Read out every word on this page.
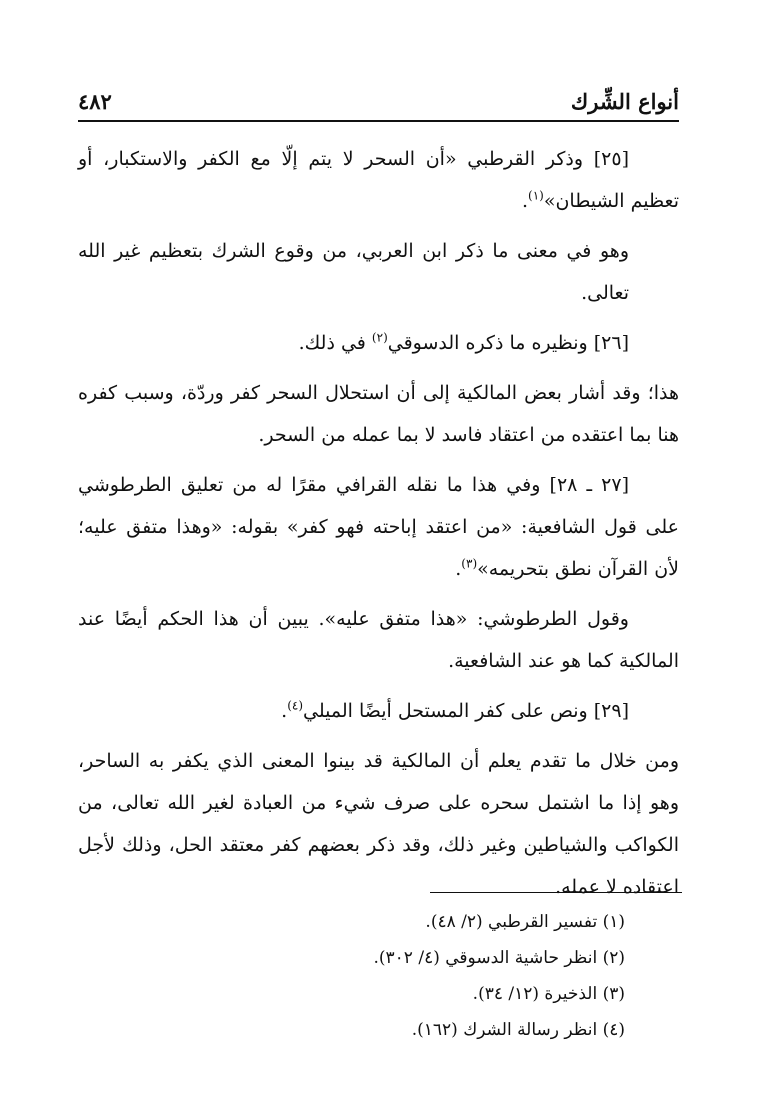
أنواع الشِّرك
٤٨٢

[٢٥] وذكر القرطبي «أن السحر لا يتم إلّا مع الكفر والاستكبار، أو تعظيم الشيطان»$^{(١)}$.

وهو في معنى ما ذكر ابن العربي، من وقوع الشرك بتعظيم غير الله تعالى.

[٢٦] ونظيره ما ذكره الدسوقي$^{(٢)}$ في ذلك.

هذا؛ وقد أشار بعض المالكية إلى أن استحلال السحر كفر وردّة، وسبب كفره هنا بما اعتقده من اعتقاد فاسد لا بما عمله من السحر.

[٢٧ ـ ٢٨] وفي هذا ما نقله القرافي مقرًا له من تعليق الطرطوشي على قول الشافعية: «من اعتقد إباحته فهو كفر» بقوله: «وهذا متفق عليه؛ لأن القرآن نطق بتحريمه»$^{(٣)}$.

وقول الطرطوشي: «هذا متفق عليه». يبين أن هذا الحكم أيضًا عند المالكية كما هو عند الشافعية.

[٢٩] ونص على كفر المستحل أيضًا الميلي$^{(٤)}$.

ومن خلال ما تقدم يعلم أن المالكية قد بينوا المعنى الذي يكفر به الساحر، وهو إذا ما اشتمل سحره على صرف شيء من العبادة لغير الله تعالى، من الكواكب والشياطين وغير ذلك، وقد ذكر بعضهم كفر معتقد الحل، وذلك لأجل اعتقاده لا عمله.

(١) تفسير القرطبي (٢/ ٤٨).

(٢) انظر حاشية الدسوقي (٤/ ٣٠٢).

(٣) الذخيرة (١٢/ ٣٤).

(٤) انظر رسالة الشرك (١٦٢).
